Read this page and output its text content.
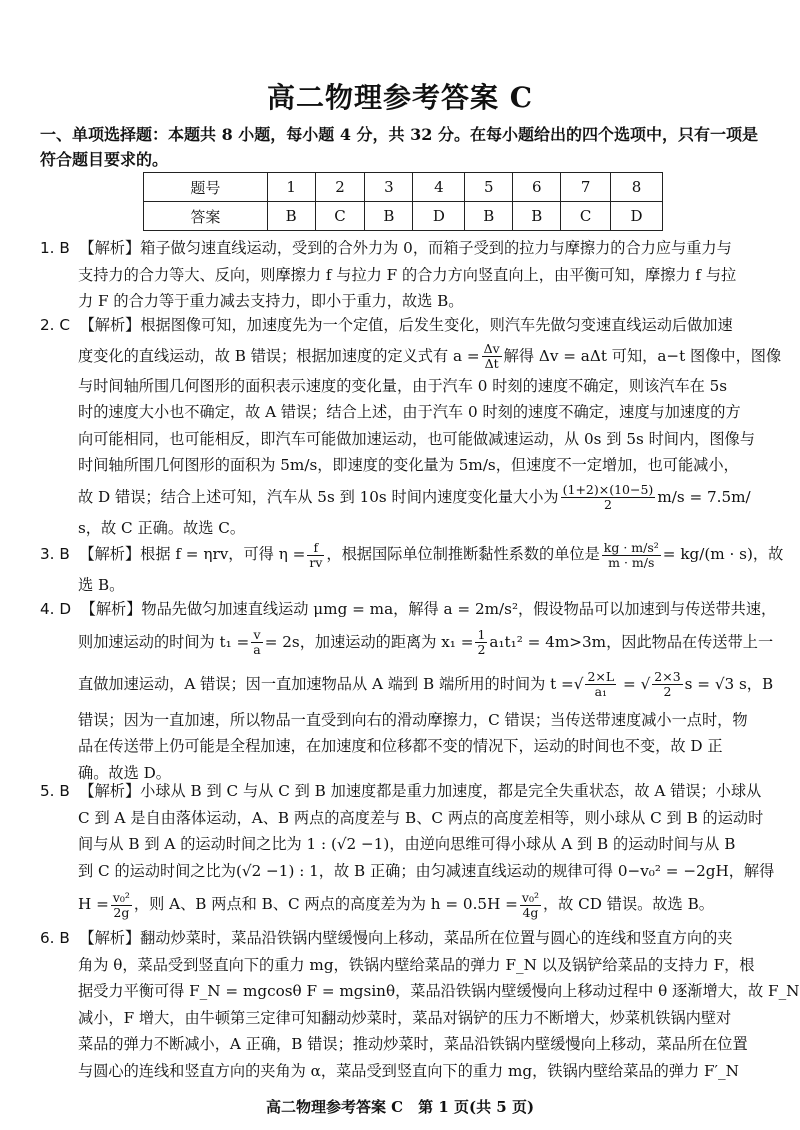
高二物理参考答案 C
一、单项选择题：本题共 8 小题，每小题 4 分，共 32 分。在每小题给出的四个选项中，只有一项是符合题目要求的。
题号	1	2	3	4	5	6	7	8
答案	B	C	B	D	B	B	C	D
1. B 【解析】箱子做匀速直线运动，受到的合外力为 0，而箱子受到的拉力与摩擦力的合力应与重力与
支持力的合力等大、反向，则摩擦力 f 与拉力 F 的合力方向竖直向上，由平衡可知，摩擦力 f 与拉
力 F 的合力等于重力减去支持力，即小于重力，故选 B。
2. C 【解析】根据图像可知，加速度先为一个定值，后发生变化，则汽车先做匀变速直线运动后做加速
度变化的直线运动，故 B 错误；根据加速度的定义式有 $a = \frac{\Delta v}{\Delta t}$ 解得 Δv = aΔt 可知，a−t 图像中，图像
与时间轴所围几何图形的面积表示速度的变化量，由于汽车 0 时刻的速度不确定，则该汽车在 5s
时的速度大小也不确定，故 A 错误；结合上述，由于汽车 0 时刻的速度不确定，速度与加速度的方
向可能相同，也可能相反，即汽车可能做加速运动，也可能做减速运动，从 0s 到 5s 时间内，图像与
时间轴所围几何图形的面积为 5m/s，即速度的变化量为 5m/s，但速度不一定增加，也可能减小，
故 D 错误；结合上述可知，汽车从 5s 到 10s 时间内速度变化量大小为 $\frac{(1+2)\times(10-5)}{2} m/s = 7.5m/$
s，故 C 正确。故选 C。
3. B 【解析】根据 f = ηrv，可得 $\eta = \frac{f}{rv}$ ，根据国际单位制推断黏性系数的单位是 $\frac{\text{kg · m/s²}}{m \cdot m/s} = kg/(m \cdot s)$，故
选 B。
4. D 【解析】物品先做匀加速直线运动 μmg = ma，解得 a = 2m/s²，假设物品可以加速到与传送带共速，
则加速运动的时间为 $t_1 = \frac{v}{a} = 2s$，加速运动的距离为 $x_1 = \frac{1}{2} a_1t_1^2 = 4m>3m$，因此物品在传送带上一
直做加速运动，A 错误；因一直加速物品从 A 端到 B 端所用的时间为 t =√ $\frac{2\times L}{\text{a₁}}$ = √ $\frac{2\times 3}{2}$ s = √3 s，B
错误；因为一直加速，所以物品一直受到向右的滑动摩擦力，C 错误；当传送带速度减小一点时，物
品在传送带上仍可能是全程加速，在加速度和位移都不变的情况下，运动的时间也不变，故 D 正
确。故选 D。
5. B 【解析】小球从 B 到 C 与从 C 到 B 加速度都是重力加速度，都是完全失重状态，故 A 错误；小球从
C 到 A 是自由落体运动，A、B 两点的高度差与 B、C 两点的高度差相等，则小球从 C 到 B 的运动时
间与从 B 到 A 的运动时间之比为 1 : (√2 −1)，由逆向思维可得小球从 A 到 B 的运动时间与从 B
到 C 的运动时间之比为(√2 −1) : 1，故 B 正确；由匀减速直线运动的规律可得 0−v₀² = −2gH，解得
$H = \frac{\text{v₀²}}{2g}$ ，则 A、B 两点和 B、C 两点的高度差为为 $h = 0.5H = \frac{\text{v₀²}}{4g}$ ，故 CD 错误。故选 B。
6. B 【解析】翻动炒菜时，菜品沿铁锅内壁缓慢向上移动，菜品所在位置与圆心的连线和竖直方向的夹
角为 θ，菜品受到竖直向下的重力 mg，铁锅内壁给菜品的弹力 F_N 以及锅铲给菜品的支持力 F，根
据受力平衡可得 F_N = mgcosθ F = mgsinθ，菜品沿铁锅内壁缓慢向上移动过程中 θ 逐渐增大，故 F_N
减小，F 增大，由牛顿第三定律可知翻动炒菜时，菜品对锅铲的压力不断增大，炒菜机铁锅内壁对
菜品的弹力不断减小，A 正确，B 错误；推动炒菜时，菜品沿铁锅内壁缓慢向上移动，菜品所在位置
与圆心的连线和竖直方向的夹角为 α，菜品受到竖直向下的重力 mg，铁锅内壁给菜品的弹力 F′_N
高二物理参考答案 C　第 1 页(共 5 页)
